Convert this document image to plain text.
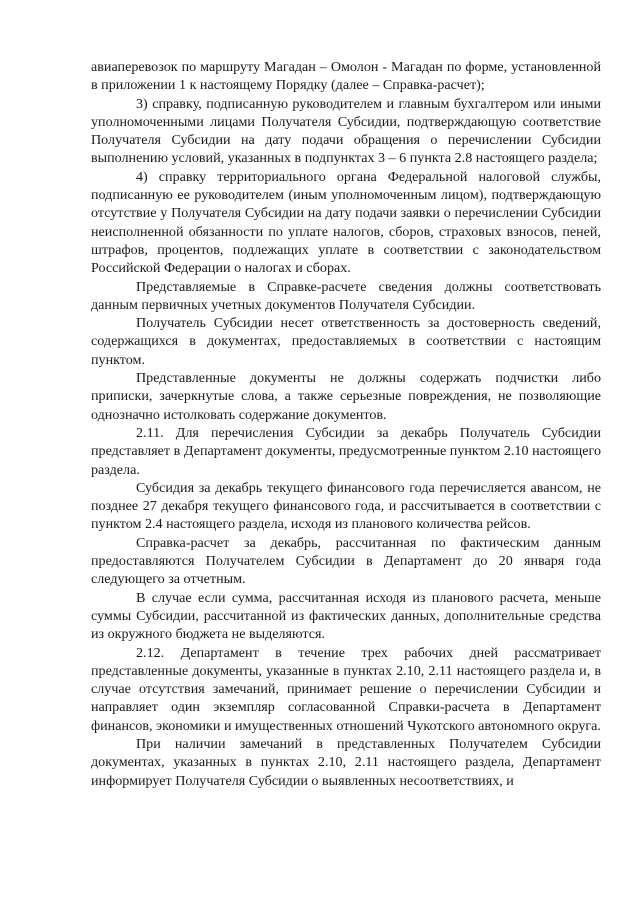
авиаперевозок по маршруту Магадан – Омолон - Магадан по форме, установленной в приложении 1 к настоящему Порядку (далее – Справка-расчет);

3) справку, подписанную руководителем и главным бухгалтером или иными уполномоченными лицами Получателя Субсидии, подтверждающую соответствие Получателя Субсидии на дату подачи обращения о перечислении Субсидии выполнению условий, указанных в подпунктах 3 – 6 пункта 2.8 настоящего раздела;

4) справку территориального органа Федеральной налоговой службы, подписанную ее руководителем (иным уполномоченным лицом), подтверждающую отсутствие у Получателя Субсидии на дату подачи заявки о перечислении Субсидии неисполненной обязанности по уплате налогов, сборов, страховых взносов, пеней, штрафов, процентов, подлежащих уплате в соответствии с законодательством Российской Федерации о налогах и сборах.

Представляемые в Справке-расчете сведения должны соответствовать данным первичных учетных документов Получателя Субсидии.

Получатель Субсидии несет ответственность за достоверность сведений, содержащихся в документах, предоставляемых в соответствии с настоящим пунктом.

Представленные документы не должны содержать подчистки либо приписки, зачеркнутые слова, а также серьезные повреждения, не позволяющие однозначно истолковать содержание документов.

2.11. Для перечисления Субсидии за декабрь Получатель Субсидии представляет в Департамент документы, предусмотренные пунктом 2.10 настоящего раздела.

Субсидия за декабрь текущего финансового года перечисляется авансом, не позднее 27 декабря текущего финансового года, и рассчитывается в соответствии с пунктом 2.4 настоящего раздела, исходя из планового количества рейсов.

Справка-расчет за декабрь, рассчитанная по фактическим данным предоставляются Получателем Субсидии в Департамент до 20 января года следующего за отчетным.

В случае если сумма, рассчитанная исходя из планового расчета, меньше суммы Субсидии, рассчитанной из фактических данных, дополнительные средства из окружного бюджета не выделяются.

2.12. Департамент в течение трех рабочих дней рассматривает представленные документы, указанные в пунктах 2.10, 2.11 настоящего раздела и, в случае отсутствия замечаний, принимает решение о перечислении Субсидии и направляет один экземпляр согласованной Справки-расчета в Департамент финансов, экономики и имущественных отношений Чукотского автономного округа.

При наличии замечаний в представленных Получателем Субсидии документах, указанных в пунктах 2.10, 2.11 настоящего раздела, Департамент информирует Получателя Субсидии о выявленных несоответствиях, и
